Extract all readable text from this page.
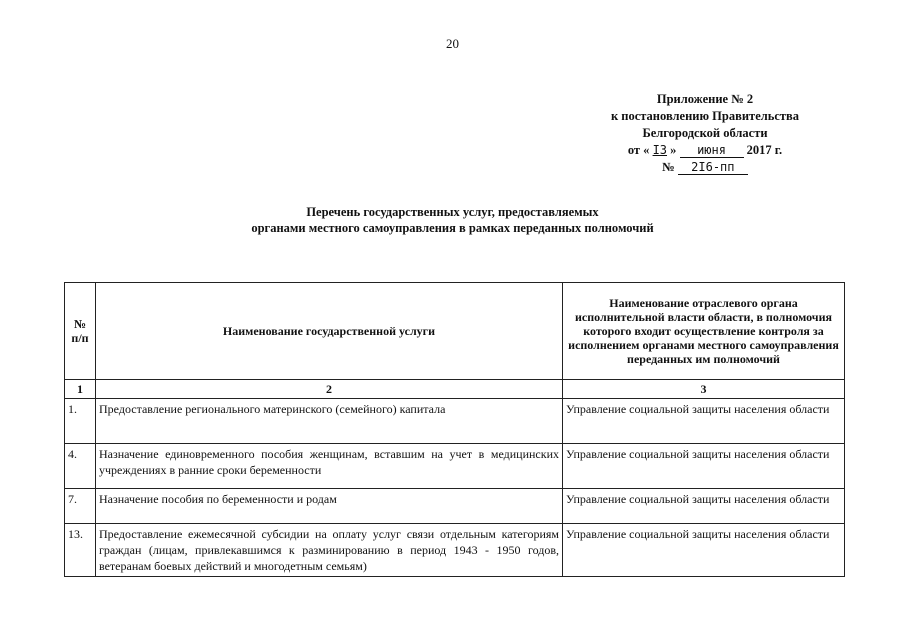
20
Приложение № 2
к постановлению Правительства
Белгородской области
от « I3 » июня 2017 г.
№ 2I6-пп
Перечень государственных услуг, предоставляемых
органами местного самоуправления в рамках переданных полномочий
№ п/п	Наименование государственной услуги	Наименование отраслевого органа исполнительной власти области, в полномочия которого входит осуществление контроля за исполнением органами местного самоуправления переданных им полномочий
1	2	3
1.	Предоставление регионального материнского (семейного) капитала	Управление социальной защиты населения области
4.	Назначение единовременного пособия женщинам, вставшим на учет в медицинских учреждениях в ранние сроки беременности	Управление социальной защиты населения области
7.	Назначение пособия по беременности и родам	Управление социальной защиты населения области
13.	Предоставление ежемесячной субсидии на оплату услуг связи отдельным категориям граждан (лицам, привлекавшимся к разминированию в период 1943 - 1950 годов, ветеранам боевых действий и многодетным семьям)	Управление социальной защиты населения области
